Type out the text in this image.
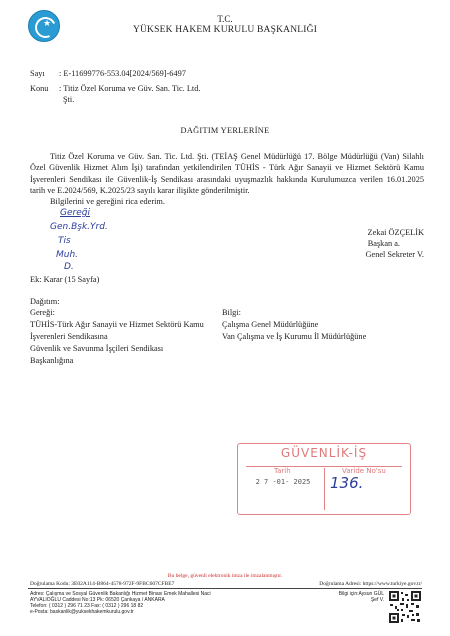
★	T.C.
YÜKSEK HAKEM KURULU BAŞKANLIĞI
Sayı : E-11699776-553.04[2024/569]-6497
Konu : Titiz Özel Koruma ve Güv. San. Tic. Ltd.
Şti.
DAĞITIM YERLERİNE
Titiz Özel Koruma ve Güv. San. Tic. Ltd. Şti. (TEİAŞ Genel Müdürlüğü 17. Bölge Müdürlüğü (Van) Silahlı Özel Güvenlik Hizmet Alım İşi) tarafından yetkilendirilen TÜHİS - Türk Ağır Sanayii ve Hizmet Sektörü Kamu İşverenleri Sendikası ile Güvenlik-İş Sendikası arasındaki uyuşmazlık hakkında Kurulumuzca verilen 16.01.2025 tarih ve E.2024/569, K.2025/23 sayılı karar ilişikte gönderilmiştir.
Bilgilerini ve gereğini rica ederim.
Gereği
Gen.Bşk.Yrd.
Tis
Muh.
D.
Zekai ÖZÇELİK
Başkan a.
Genel Sekreter V.
Ek: Karar (15 Sayfa)
Dağıtım:
Gereği:
TÜHİS-Türk Ağır Sanayii ve Hizmet Sektörü Kamu
İşverenleri Sendikasına
Güvenlik ve Savunma İşçileri Sendikası
Başkanlığına
Bilgi:
Çalışma Genel Müdürlüğüne
Van Çalışma ve İş Kurumu İl Müdürlüğüne
GÜVENLİK-İŞ
Tarih	Varide No'su
2 7 -01- 2025	136.
Bu belge, güvenli elektronik imza ile imzalanmıştır.
Doğrulama Kodu: 3E02A114-B864-4578-972F-9FBC607CFBE7	Doğrulama Adresi: https://www.turkiye.gov.tr/
Adres: Çalışma ve Sosyal Güvenlik Bakanlığı Hizmet Binası Emek Mahallesi Naci
AYVALIOĞLU Caddesi No:13 Pk: 06520 Çankaya / ANKARA
Telefon: ( 0312 ) 296 71 23 Fax: ( 0312 ) 296 18 82
e-Posta: baskanlik@yuksekhakemkurulu.gov.tr
Bilgi için:Aysun GÜL
Şef V.
